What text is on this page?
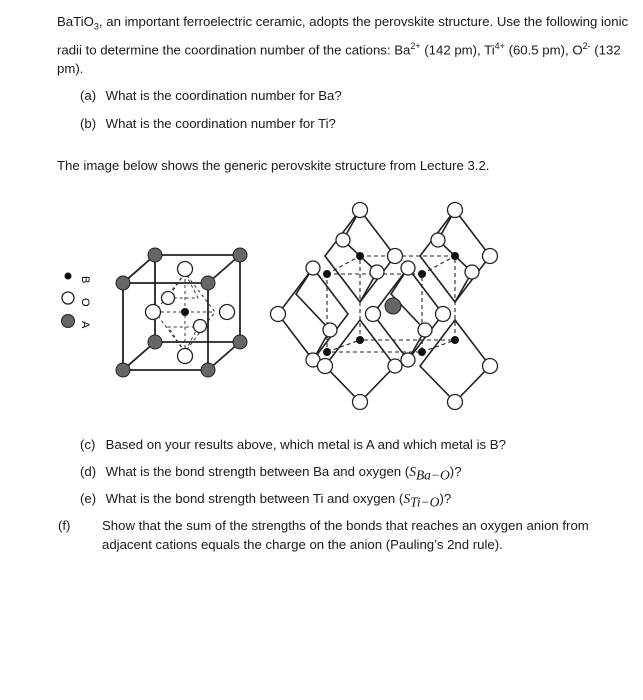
BaTiO$_3$, an important ferroelectric ceramic, adopts the perovskite structure. Use the following ionic radii to determine the coordination number of the cations: $Ba^{2+}$ (142 pm), $Ti^{4+}$ (60.5 pm), $O^{2-}$ (132 pm).
(a) What is the coordination number for Ba?
(b) What is the coordination number for Ti?
The image below shows the generic perovskite structure from Lecture 3.2.
B
O
A
(c) Based on your results above, which metal is A and which metal is B?
(d) What is the bond strength between Ba and oxygen $(S_{Ba-O})$?
(e) What is the bond strength between Ti and oxygen $(S_{Ti-O})$?
(f) Show that the sum of the strengths of the bonds that reaches an oxygen anion from adjacent cations equals the charge on the anion (Pauling’s 2nd rule).
